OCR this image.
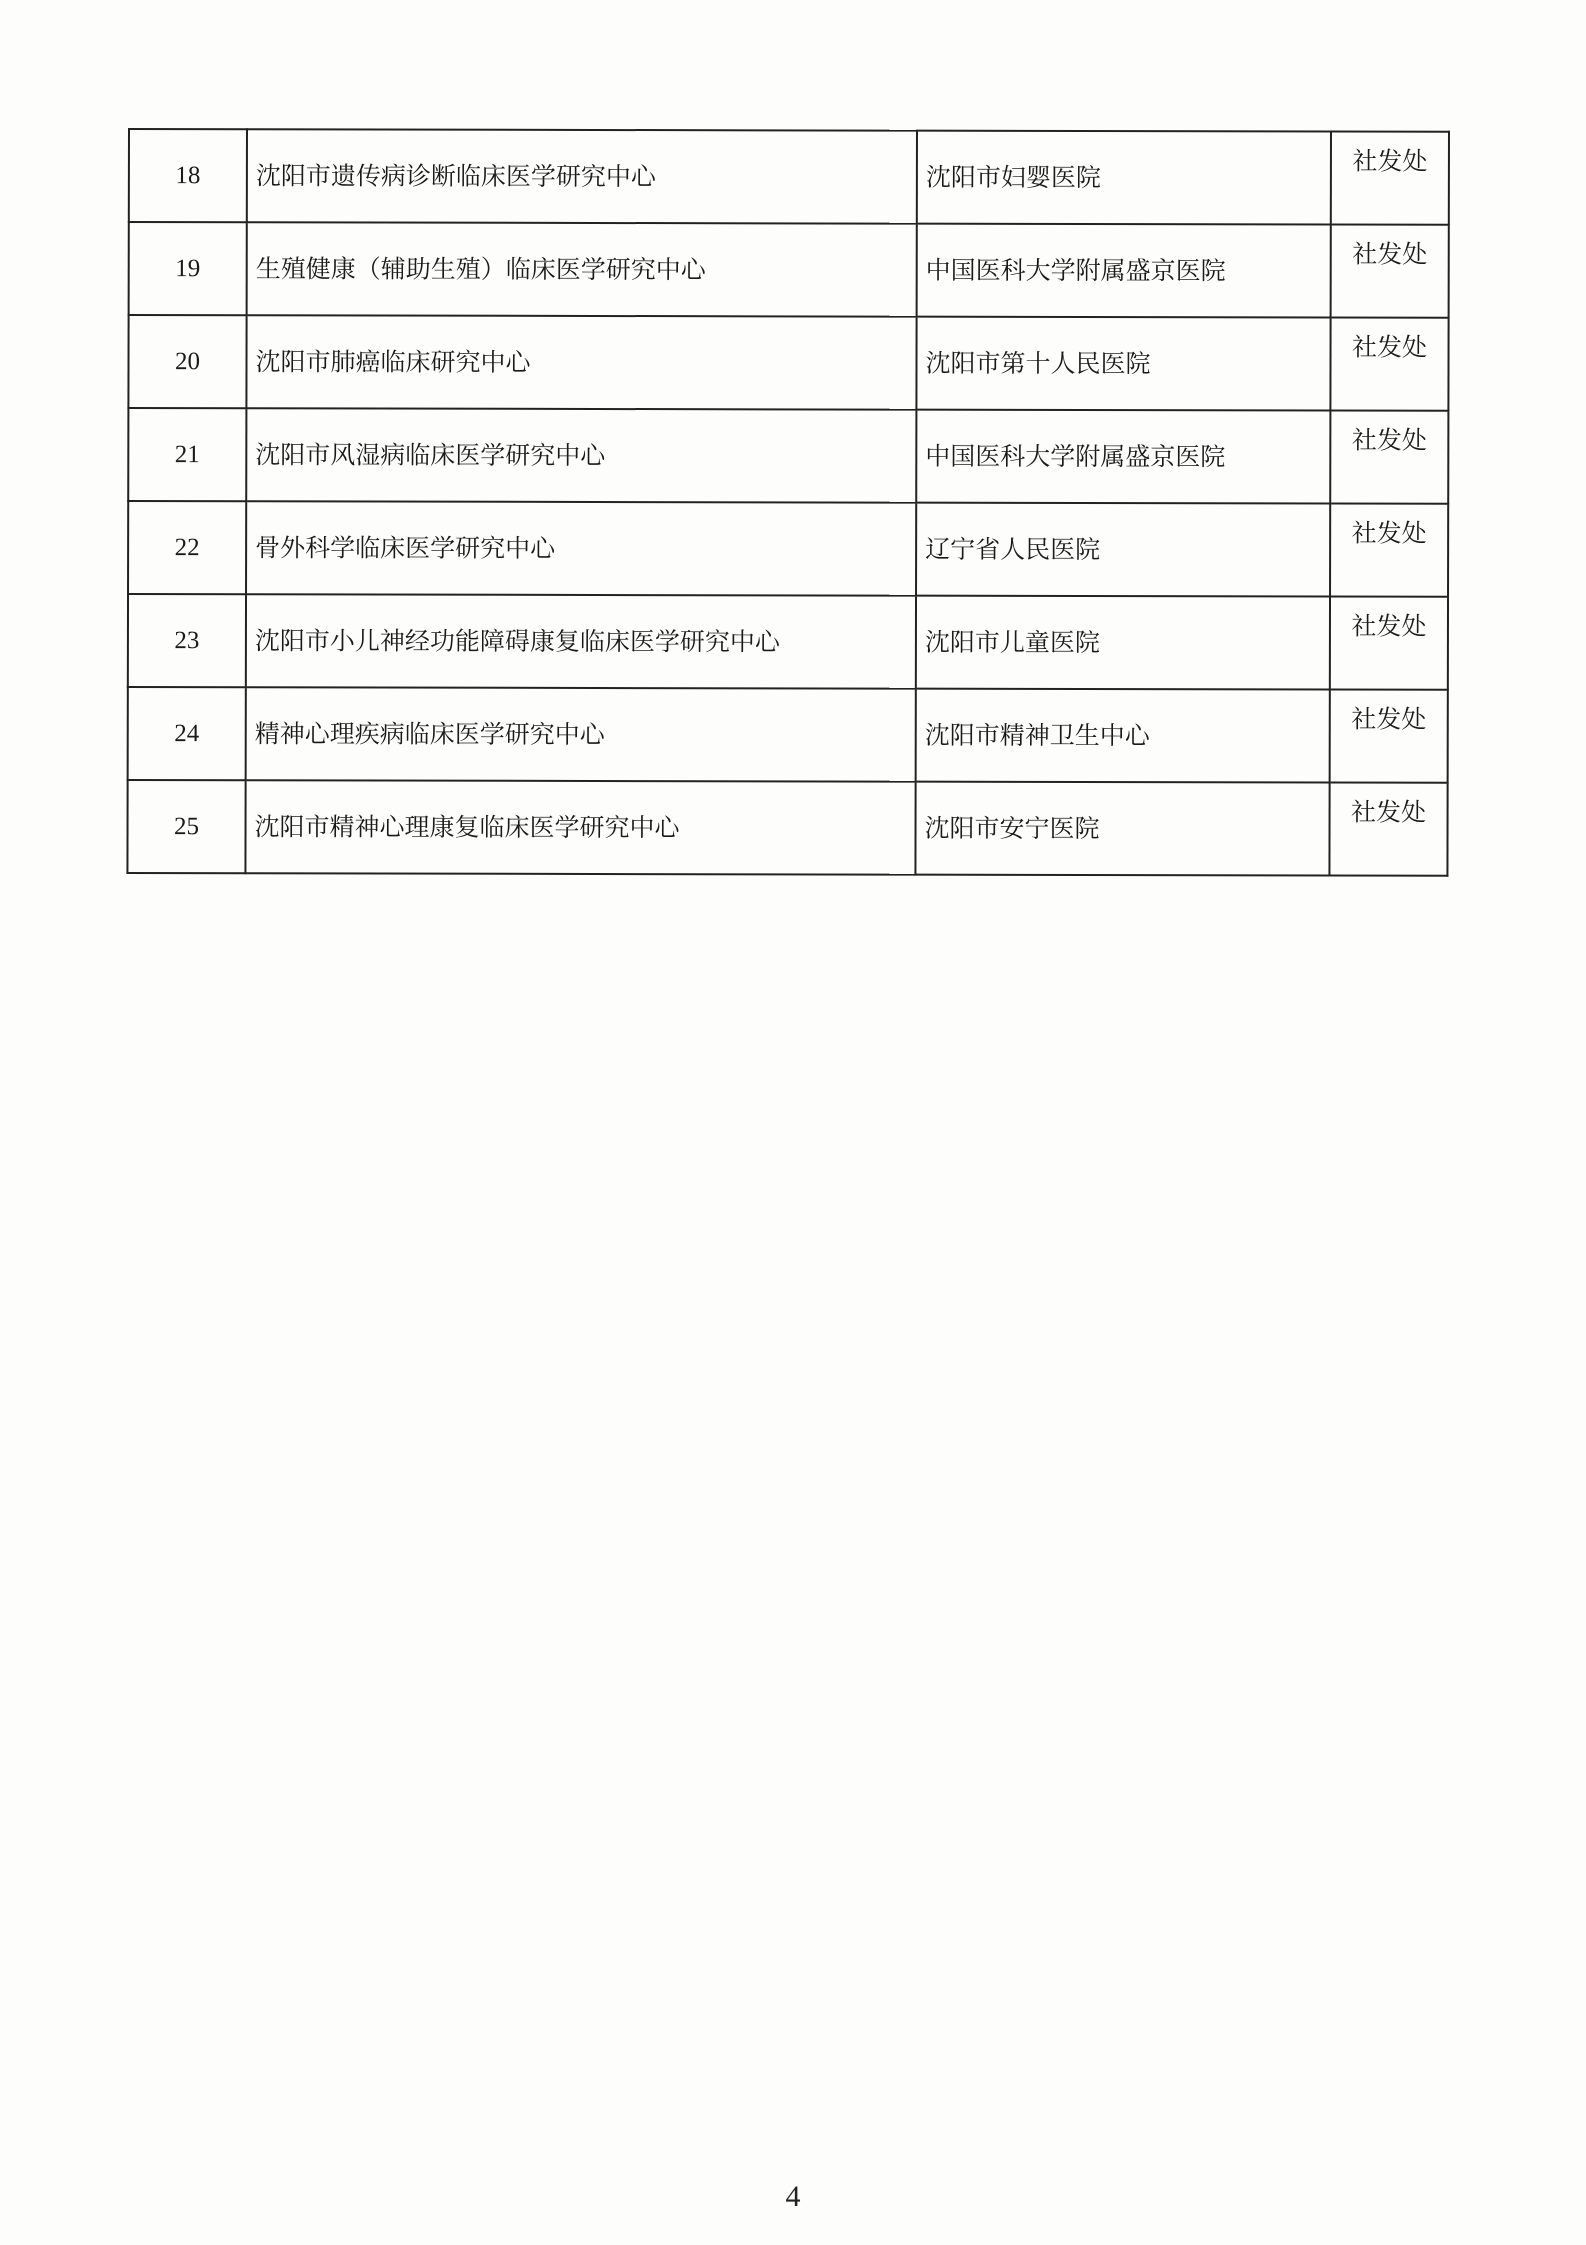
18	沈阳市遗传病诊断临床医学研究中心	沈阳市妇婴医院	社发处
19	生殖健康（辅助生殖）临床医学研究中心	中国医科大学附属盛京医院	社发处
20	沈阳市肺癌临床研究中心	沈阳市第十人民医院	社发处
21	沈阳市风湿病临床医学研究中心	中国医科大学附属盛京医院	社发处
22	骨外科学临床医学研究中心	辽宁省人民医院	社发处
23	沈阳市小儿神经功能障碍康复临床医学研究中心	沈阳市儿童医院	社发处
24	精神心理疾病临床医学研究中心	沈阳市精神卫生中心	社发处
25	沈阳市精神心理康复临床医学研究中心	沈阳市安宁医院	社发处
4
